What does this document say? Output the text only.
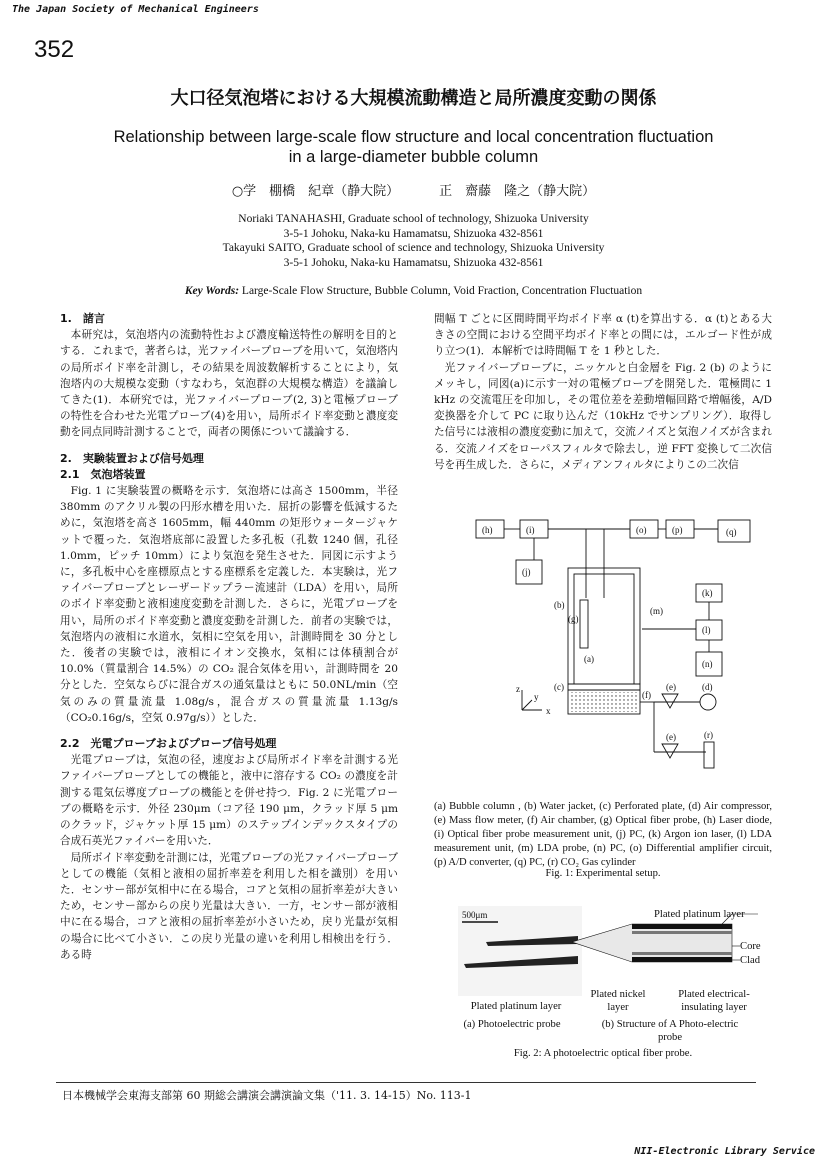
The Japan Society of Mechanical Engineers
352
大口径気泡塔における大規模流動構造と局所濃度変動の関係
Relationship between large-scale flow structure and local concentration fluctuation
in a large-diameter bubble column
○学　棚橋　紀章（静大院）	正　齋藤　隆之（静大院）
Noriaki TANAHASHI, Graduate school of technology, Shizuoka University
3-5-1 Johoku, Naka-ku Hamamatsu, Shizuoka 432-8561
Takayuki SAITO, Graduate school of science and technology, Shizuoka University
3-5-1 Johoku, Naka-ku Hamamatsu, Shizuoka 432-8561
Key Words: Large-Scale Flow Structure, Bubble Column, Void Fraction, Concentration Fluctuation
1.　諸言

本研究は，気泡塔内の流動特性および濃度輸送特性の解明を目的とする．これまで，著者らは，光ファイバープローブを用いて，気泡塔内の局所ボイド率を計測し，その結果を周波数解析することにより，気泡塔内の大規模な変動（すなわち，気泡群の大規模な構造）を議論してきた(1)．本研究では，光ファイバープローブ(2, 3)と電極プローブの特性を合わせた光電プローブ(4)を用い，局所ボイド率変動と濃度変動を同点同時計測することで，両者の関係について議論する．

2.　実験装置および信号処理
2.1　気泡塔装置

Fig. 1 に実験装置の概略を示す．気泡塔には高さ 1500mm，半径 380mm のアクリル製の円形水槽を用いた．屈折の影響を低減するために，気泡塔を高さ 1605mm，幅 440mm の矩形ウォータージャケットで覆った．気泡塔底部に設置した多孔板（孔数 1240 個，孔径 1.0mm，ピッチ 10mm）により気泡を発生させた．同図に示すように，多孔板中心を座標原点とする座標系を定義した．本実験は，光ファイバープローブとレーザードップラー流速計（LDA）を用い，局所のボイド率変動と液相速度変動を計測した．さらに，光電プローブを用い，局所のボイド率変動と濃度変動を計測した．前者の実験では，気泡塔内の液相に水道水，気相に空気を用い，計測時間を 30 分とした．後者の実験では，液相にイオン交換水，気相には体積割合が 10.0%（質量割合 14.5%）の CO₂ 混合気体を用い，計測時間を 20 分とした．空気ならびに混合ガスの通気量はともに 50.0NL/min（空気のみの質量流量 1.08g/s，混合ガスの質量流量 1.13g/s（CO₂0.16g/s，空気 0.97g/s））とした．

2.2　光電プローブおよびプローブ信号処理

光電プローブは，気泡の径，速度および局所ボイド率を計測する光ファイバープローブとしての機能と，液中に溶存する CO₂ の濃度を計測する電気伝導度プローブの機能とを併せ持つ．Fig. 2 に光電プローブの概略を示す．外径 230μm（コア径 190 μm，クラッド厚 5 μm のクラッド，ジャケット厚 15 μm）のステップインデックスタイプの合成石英光ファイバーを用いた．

局所ボイド率変動を計測には，光電プローブの光ファイバープローブとしての機能（気相と液相の屈折率差を利用した相を識別）を用いた．センサー部が気相中に在る場合，コアと気相の屈折率差が大きいため，センサー部からの戻り光量は大きい．一方，センサー部が液相中に在る場合，コアと液相の屈折率差が小さいため，戻り光量が気相の場合に比べて小さい．この戻り光量の違いを利用し相検出を行う．ある時

間幅 T ごとに区間時間平均ボイド率 α (t)を算出する．α (t)とある大きさの空間における空間平均ボイド率との間には，エルゴード性が成り立つ(1)．本解析では時間幅 T を 1 秒とした．

光ファイバープローブに，ニッケルと白金層を Fig. 2 (b) のようにメッキし，同図(a)に示す一対の電極プローブを開発した．電極間に 1 kHz の交流電圧を印加し，その電位差を差動増幅回路で増幅後，A/D 変換器を介して PC に取り込んだ（10kHz でサンプリング）．取得した信号には液相の濃度変動に加えて，交流ノイズと気泡ノイズが含まれる．交流ノイズをローパスフィルタで除去し，逆 FFT 変換して二次信号を再生成した．さらに，メディアンフィルタによりこの二次信

(h)	(i)	(o)	(p)	(q)
(j)
(b)
(g)
(m)
(k)
(l)
(n)
(a)
(c)
(f)
(e)	(d)
(e)	(r)
z
y
x
(a) Bubble column , (b) Water jacket, (c) Perforated plate, (d) Air compressor, (e) Mass flow meter, (f) Air chamber, (g) Optical fiber probe, (h) Laser diode, (i) Optical fiber probe measurement unit, (j) PC, (k) Argon ion laser, (l) LDA measurement unit, (m) LDA probe, (n) PC, (o) Differential amplifier circuit, (p) A/D converter, (q) PC, (r) CO₂ Gas cylinder
Fig. 1: Experimental setup.
500μm
Plated platinum layer
(a) Photoelectric probe
Plated platinum layer
Core
Clad
Plated nickel layer
Plated electrical-insulating layer
(b) Structure of A Photo-electric probe
Fig. 2: A photoelectric optical fiber probe.
日本機械学会東海支部第 60 期総会講演会講演論文集（'11. 3. 14-15）No. 113-1
NII-Electronic Library Service
